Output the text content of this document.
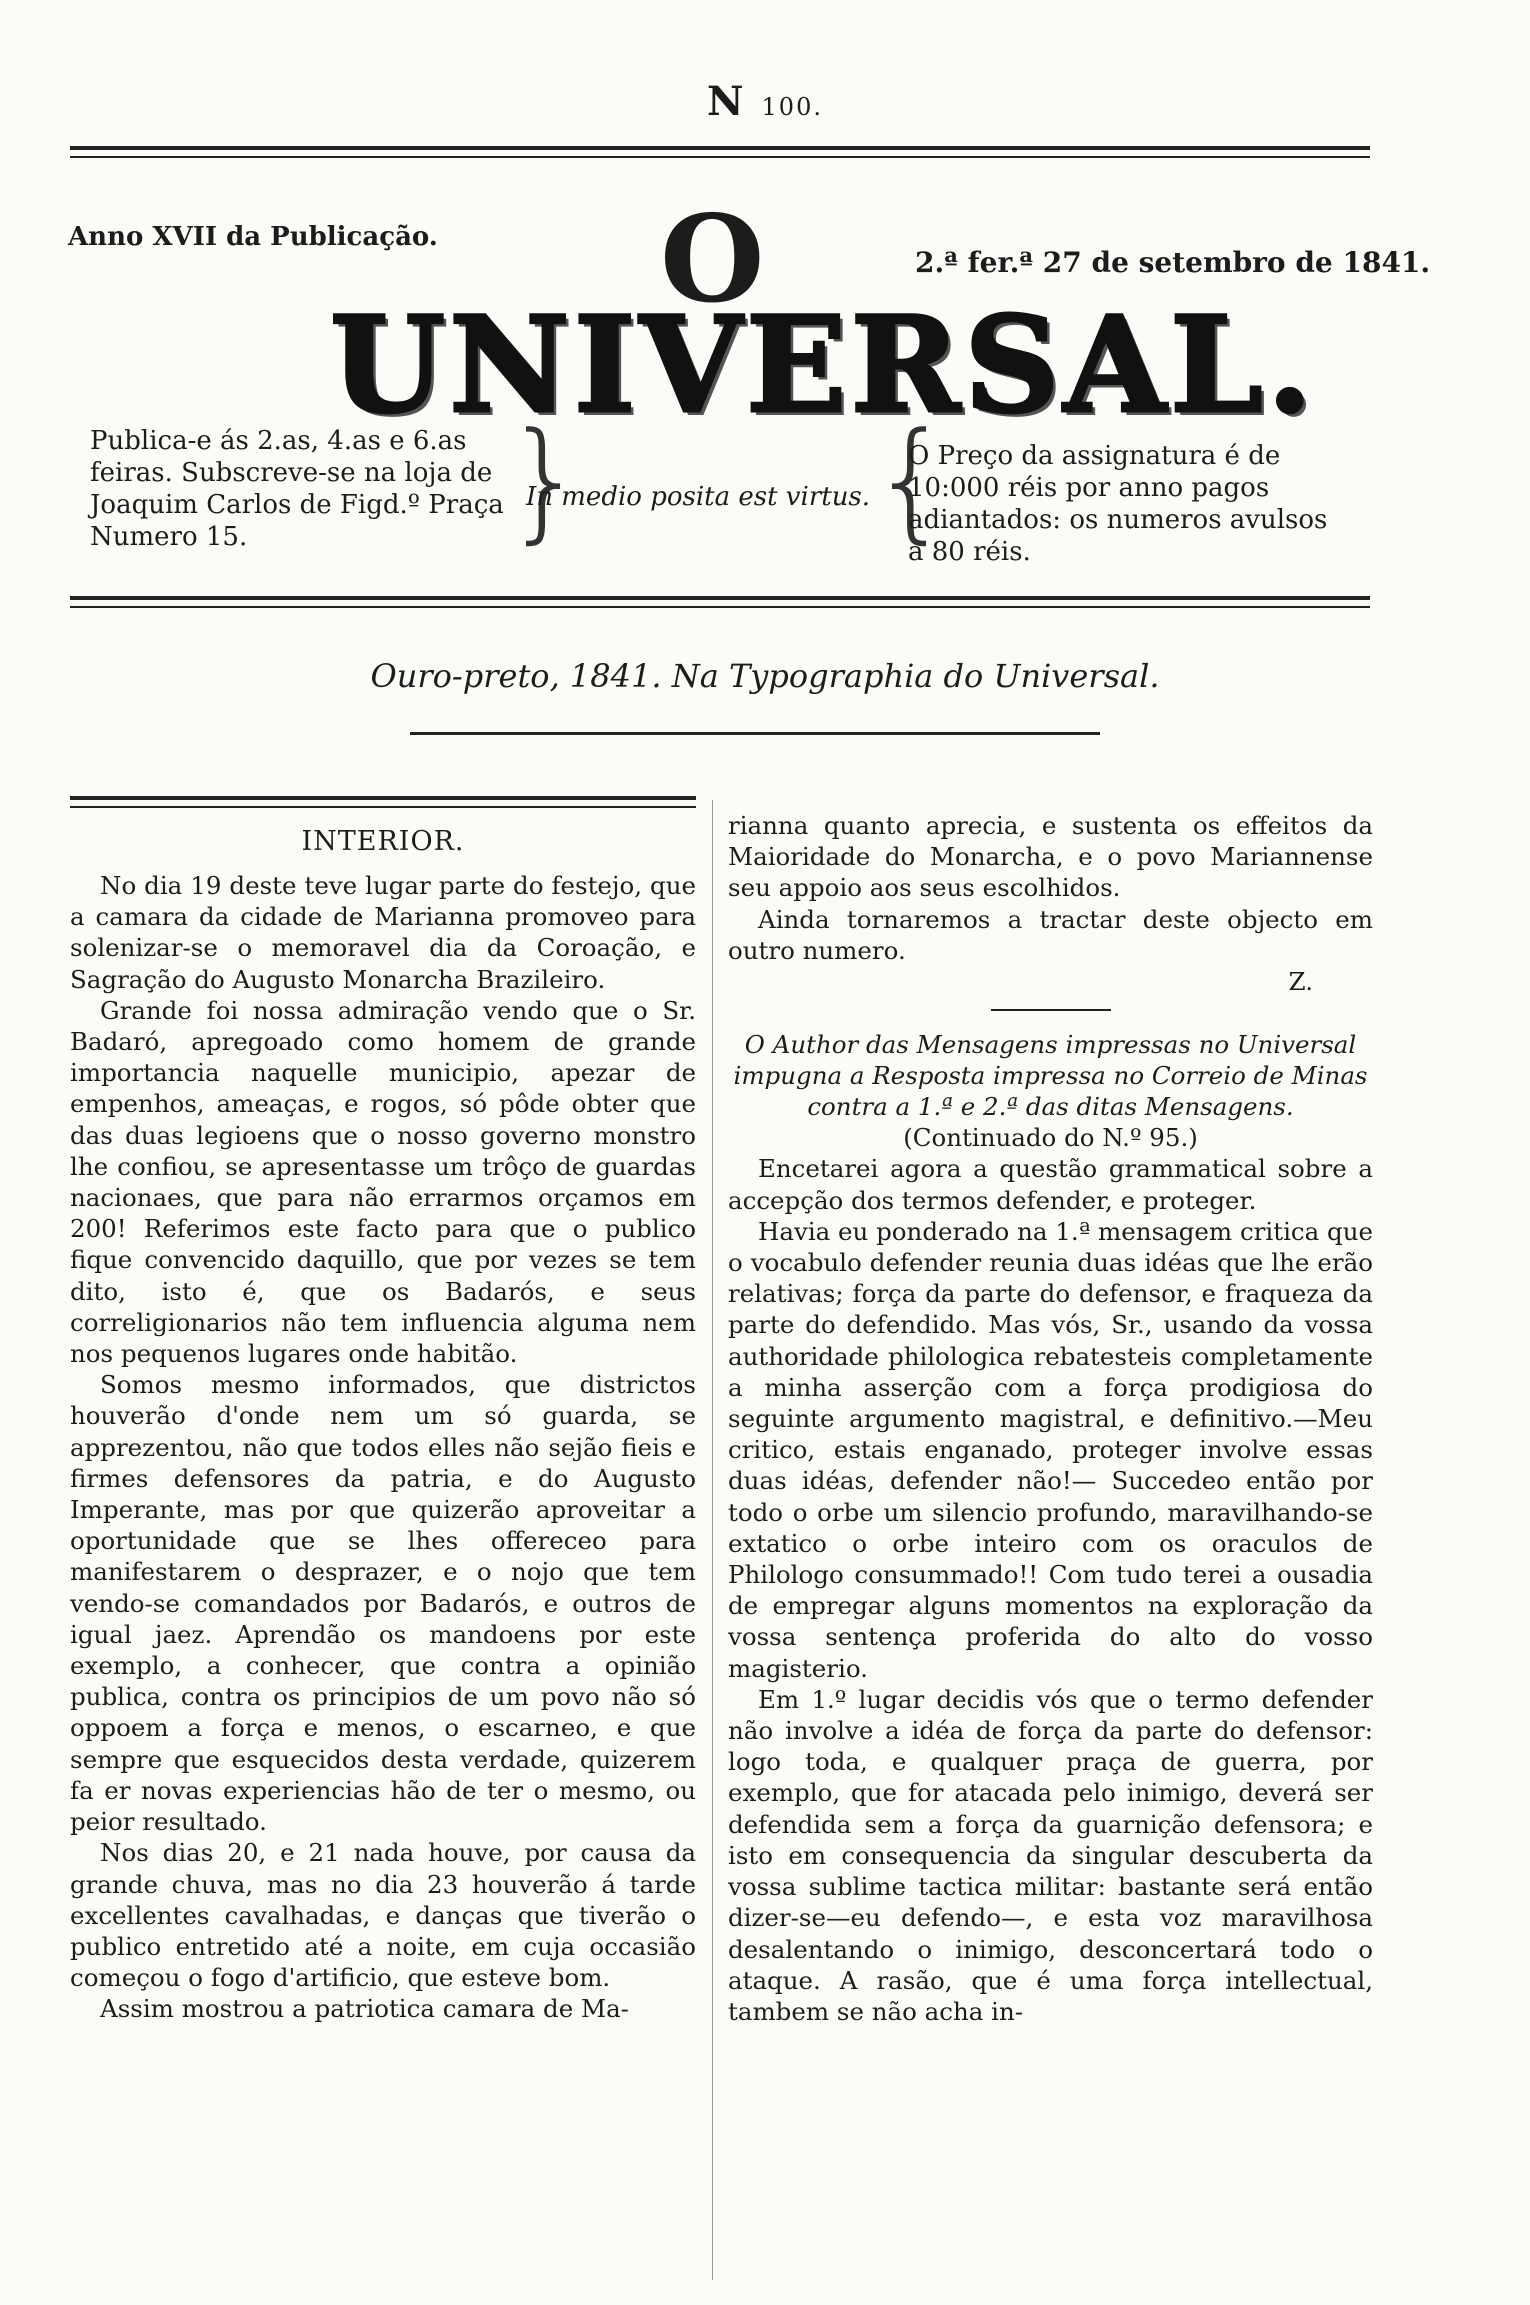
N 100.
Anno XVII da Publicação. O	2.ª fer.ª 27 de setembro de 1841.
UNIVERSAL.
Publica-e ás 2.as, 4.as e 6.as feiras. Subscreve-se na loja de Joaquim Carlos de Figd.º Praça Numero 15.	}
In medio posita est virtus. {
O Preço da assignatura é de 10:000 réis por anno pagos adiantados: os numeros avulsos a 80 réis.
Ouro-preto, 1841. Na Typographia do Universal.
INTERIOR.

No dia 19 deste teve lugar parte do festejo, que a camara da cidade de Marianna promoveo para solenizar-se o memoravel dia da Coroação, e Sagração do Augusto Monarcha Brazileiro.

Grande foi nossa admiração vendo que o Sr. Badaró, apregoado como homem de grande importancia naquelle municipio, apezar de empenhos, ameaças, e rogos, só pôde obter que das duas legioens que o nosso governo monstro lhe confiou, se apresentasse um trôço de guardas nacionaes, que para não errarmos orçamos em 200! Referimos este facto para que o publico fique convencido daquillo, que por vezes se tem dito, isto é, que os Badarós, e seus correligionarios não tem influencia alguma nem nos pequenos lugares onde habitão.

Somos mesmo informados, que districtos houverão d'onde nem um só guarda, se apprezentou, não que todos elles não sejão fieis e firmes defensores da patria, e do Augusto Imperante, mas por que quizerão aproveitar a oportunidade que se lhes offereceo para manifestarem o desprazer, e o nojo que tem vendo-se comandados por Badarós, e outros de igual jaez. Aprendão os mandoens por este exemplo, a conhecer, que contra a opinião publica, contra os principios de um povo não só oppoem a força e menos, o escarneo, e que sempre que esquecidos desta verdade, quizerem fa er novas experiencias hão de ter o mesmo, ou peior resultado.

Nos dias 20, e 21 nada houve, por causa da grande chuva, mas no dia 23 houverão á tarde excellentes cavalhadas, e danças que tiverão o publico entretido até a noite, em cuja occasião começou o fogo d'artificio, que esteve bom.

Assim mostrou a patriotica camara de Ma-

rianna quanto aprecia, e sustenta os effeitos da Maioridade do Monarcha, e o povo Mariannense seu appoio aos seus escolhidos.

Ainda tornaremos a tractar deste objecto em outro numero.

Z.

O Author das Mensagens impressas no Universal impugna a Resposta impressa no Correio de Minas contra a 1.ª e 2.ª das ditas Mensagens.

(Continuado do N.º 95.)

Encetarei agora a questão grammatical sobre a accepção dos termos defender, e proteger.

Havia eu ponderado na 1.ª mensagem critica que o vocabulo defender reunia duas idéas que lhe erão relativas; força da parte do defensor, e fraqueza da parte do defendido. Mas vós, Sr., usando da vossa authoridade philologica rebatesteis completamente a minha asserção com a força prodigiosa do seguinte argumento magistral, e definitivo.—Meu critico, estais enganado, proteger involve essas duas idéas, defender não!— Succedeo então por todo o orbe um silencio profundo, maravilhando-se extatico o orbe inteiro com os oraculos de Philologo consummado!! Com tudo terei a ousadia de empregar alguns momentos na exploração da vossa sentença proferida do alto do vosso magisterio.

Em 1.º lugar decidis vós que o termo defender não involve a idéa de força da parte do defensor: logo toda, e qualquer praça de guerra, por exemplo, que for atacada pelo inimigo, deverá ser defendida sem a força da guarnição defensora; e isto em consequencia da singular descuberta da vossa sublime tactica militar: bastante será então dizer-se—eu defendo—, e esta voz maravilhosa desalentando o inimigo, desconcertará todo o ataque. A rasão, que é uma força intellectual, tambem se não acha in-
